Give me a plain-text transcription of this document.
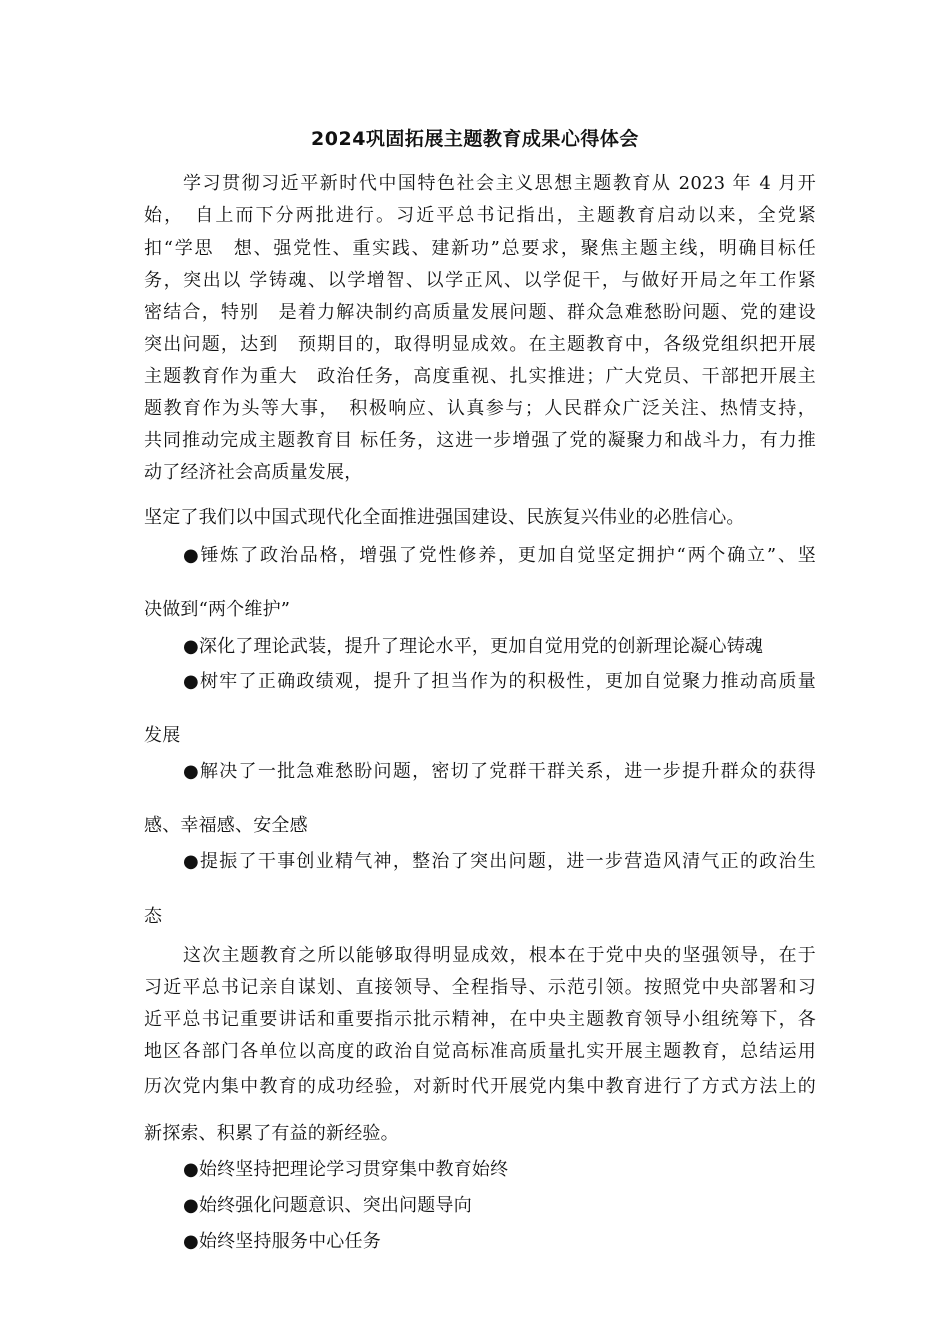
2024巩固拓展主题教育成果心得体会
学习贯彻习近平新时代中国特色社会主义思想主题教育从 2023 年 4 月开
始，　自上而下分两批进行。习近平总书记指出，主题教育启动以来，全党紧
扣“学思　想、强党性、重实践、建新功”总要求，聚焦主题主线，明确目标任
务，突出以 学铸魂、以学增智、以学正风、以学促干，与做好开局之年工作紧
密结合，特别　是着力解决制约高质量发展问题、群众急难愁盼问题、党的建设
突出问题，达到　预期目的，取得明显成效。在主题教育中，各级党组织把开展
主题教育作为重大　政治任务，高度重视、扎实推进；广大党员、干部把开展主
题教育作为头等大事，　积极响应、认真参与；人民群众广泛关注、热情支持，
共同推动完成主题教育目 标任务，这进一步增强了党的凝聚力和战斗力，有力推
动了经济社会高质量发展，
坚定了我们以中国式现代化全面推进强国建设、民族复兴伟业的必胜信心。
●锤炼了政治品格，增强了党性修养，更加自觉坚定拥护“两个确立”、坚
决做到“两个维护”
●深化了理论武装，提升了理论水平，更加自觉用党的创新理论凝心铸魂
●树牢了正确政绩观，提升了担当作为的积极性，更加自觉聚力推动高质量
发展
●解决了一批急难愁盼问题，密切了党群干群关系，进一步提升群众的获得
感、幸福感、安全感
●提振了干事创业精气神，整治了突出问题，进一步营造风清气正的政治生
态
这次主题教育之所以能够取得明显成效，根本在于党中央的坚强领导，在于
习近平总书记亲自谋划、直接领导、全程指导、示范引领。按照党中央部署和习
近平总书记重要讲话和重要指示批示精神，在中央主题教育领导小组统筹下，各
地区各部门各单位以高度的政治自觉高标准高质量扎实开展主题教育，总结运用
历次党内集中教育的成功经验，对新时代开展党内集中教育进行了方式方法上的
新探索、积累了有益的新经验。
●始终坚持把理论学习贯穿集中教育始终
●始终强化问题意识、突出问题导向
●始终坚持服务中心任务
